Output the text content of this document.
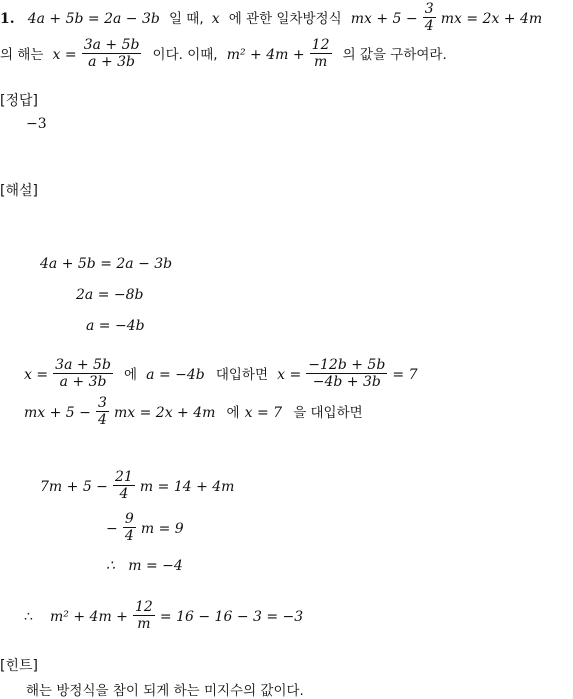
1. 4a + 5b = 2a − 3b 일 때, x 에 관한 일차방정식 mx + $5 - \frac{3}{4}$ mx = 2x + 4m
의 해는 $x = \frac{3a + 5b}{a + 3b}$ 이다. 이때, $m^2 + 4m + \frac{12}{m}$ 의 값을 구하여라.
[정답]
−3
[해설]
4a + 5b = 2a − 3b
2a = −8b
a = −4b
$x = \frac{3a + 5b}{a + 3b}$ 에 a = −4b 대입하면 $x = \frac{-12b + 5b}{-4b + 3b} = 7$
mx + $5 - \frac{3}{4}$ mx = 2x + 4m 에 x = 7 을 대입하면
$7m + 5 - \frac{21}{4}$ m = 14 + 4m
− $\frac{9}{4}$ m = 9
∴   m = −4
∴ $m^2 + 4m + \frac{12}{m} = 16 - 16 - 3 = -3$
[힌트]
해는 방정식을 참이 되게 하는 미지수의 값이다.
